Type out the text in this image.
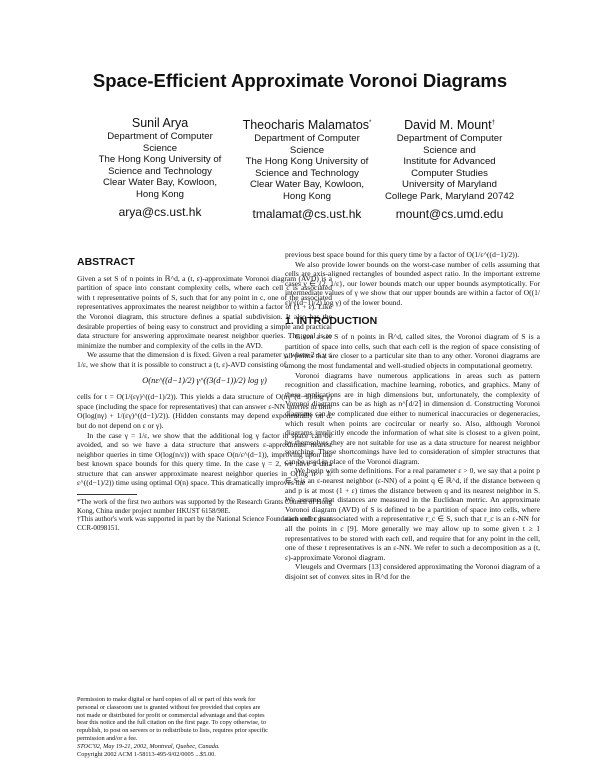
Space-Efficient Approximate Voronoi Diagrams
Sunil Arya
Department of Computer
Science
The Hong Kong University of
Science and Technology
Clear Water Bay, Kowloon,
Hong Kong
arya@cs.ust.hk
Theocharis Malamatos*
Department of Computer
Science
The Hong Kong University of
Science and Technology
Clear Water Bay, Kowloon,
Hong Kong
tmalamat@cs.ust.hk
David M. Mount†
Department of Computer
Science and
Institute for Advanced
Computer Studies
University of Maryland
College Park, Maryland 20742
mount@cs.umd.edu
ABSTRACT

Given a set S of n points in ℝ^d, a (t, ε)-approximate Voronoi diagram (AVD) is a partition of space into constant complexity cells, where each cell c is associated with t representative points of S, such that for any point in c, one of the associated representatives approximates the nearest neighbor to within a factor of (1 + ε). Like the Voronoi diagram, this structure defines a spatial subdivision. It also has the desirable properties of being easy to construct and providing a simple and practical data structure for answering approximate nearest neighbor queries. The goal is to minimize the number and complexity of the cells in the AVD.

We assume that the dimension d is fixed. Given a real parameter γ, where 2 ≤ γ ≤ 1/ε, we show that it is possible to construct a (t, ε)-AVD consisting of

O(nε^((d−1)/2) γ^((3(d−1))/2) log γ)

cells for t = O(1/(εγ)^((d−1)/2)). This yields a data structure of O(nγ^(d−1) log γ) space (including the space for representatives) that can answer ε-NN queries in time O(log(nγ) + 1/(εγ)^((d−1)/2)). (Hidden constants may depend exponentially on d, but do not depend on ε or γ).

In the case γ = 1/ε, we show that the additional log γ factor in space can be avoided, and so we have a data structure that answers ε-approximate nearest neighbor queries in time O(log(n/ε)) with space O(n/ε^(d−1)), improving upon the best known space bounds for this query time. In the case γ = 2, we have a data structure that can answer approximate nearest neighbor queries in O(log n + 1/ε^((d−1)/2)) time using optimal O(n) space. This dramatically improves the

*The work of the first two authors was supported by the Research Grants Council of Hong Kong, China under project number HKUST 6158/98E.

†This author's work was supported in part by the National Science Foundation under grant CCR-0098151.

Permission to make digital or hard copies of all or part of this work for
personal or classroom use is granted without fee provided that copies are
not made or distributed for profit or commercial advantage and that copies
bear this notice and the full citation on the first page. To copy otherwise, to
republish, to post on servers or to redistribute to lists, requires prior specific
permission and/or a fee.
STOC'02, May 19-21, 2002, Montreal, Quebec, Canada.
Copyright 2002 ACM 1-58113-495-9/02/0005 ...$5.00.

previous best space bound for this query time by a factor of O(1/ε^((d−1)/2)).

We also provide lower bounds on the worst-case number of cells assuming that cells are axis-aligned rectangles of bounded aspect ratio. In the important extreme cases γ ∈ {2, 1/ε}, our lower bounds match our upper bounds asymptotically. For intermediate values of γ we show that our upper bounds are within a factor of O((1/ε)^((d−1)/2) log γ) of the lower bound.

1. INTRODUCTION

Given a set S of n points in ℝ^d, called sites, the Voronoi diagram of S is a partition of space into cells, such that each cell is the region of space consisting of all points that are closer to a particular site than to any other. Voronoi diagrams are among the most fundamental and well-studied objects in computational geometry.

Voronoi diagrams have numerous applications in areas such as pattern recognition and classification, machine learning, robotics, and graphics. Many of these applications are in high dimensions but, unfortunately, the complexity of Voronoi diagrams can be as high as n^⌈d/2⌉ in dimension d. Constructing Voronoi diagrams can be complicated due either to numerical inaccuracies or degeneracies, which result when points are cocircular or nearly so. Also, although Voronoi diagrams implicitly encode the information of what site is closest to a given point, by themselves they are not suitable for use as a data structure for nearest neighbor searching. These shortcomings have led to consideration of simpler structures that can be used in place of the Voronoi diagram.

We begin with some definitions. For a real parameter ε > 0, we say that a point p ∈ S is an ε-nearest neighbor (ε-NN) of a point q ∈ ℝ^d, if the distance between q and p is at most (1 + ε) times the distance between q and its nearest neighbor in S. We assume that distances are measured in the Euclidean metric. An approximate Voronoi diagram (AVD) of S is defined to be a partition of space into cells, where each cell c is associated with a representative r_c ∈ S, such that r_c is an ε-NN for all the points in c [9]. More generally we may allow up to some given t ≥ 1 representatives to be stored with each cell, and require that for any point in the cell, one of these t representatives is an ε-NN. We refer to such a decomposition as a (t, ε)-approximate Voronoi diagram.

Vleugels and Overmars [13] considered approximating the Voronoi diagram of a disjoint set of convex sites in ℝ^d for the
